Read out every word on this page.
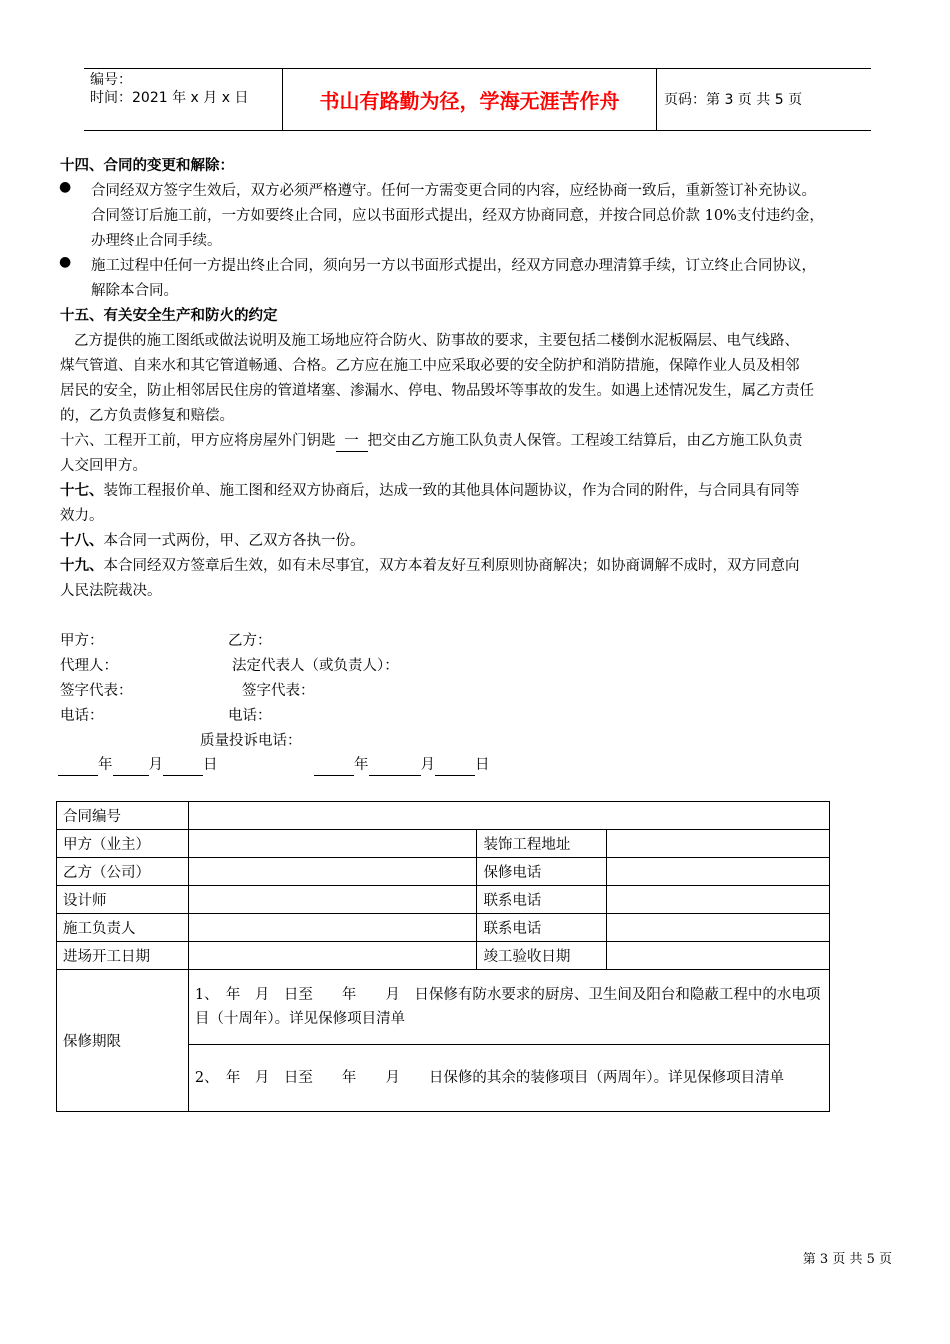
编号：
时间：2021 年 x 月 x 日	书山有路勤为径，学海无涯苦作舟	页码：第 3 页 共 5 页
十四、合同的变更和解除：
● 合同经双方签字生效后，双方必须严格遵守。任何一方需变更合同的内容，应经协商一致后，重新签订补充协议。
合同签订后施工前，一方如要终止合同，应以书面形式提出，经双方协商同意，并按合同总价款 10%支付违约金，
办理终止合同手续。
● 施工过程中任何一方提出终止合同，须向另一方以书面形式提出，经双方同意办理清算手续，订立终止合同协议，
解除本合同。
十五、有关安全生产和防火的约定
乙方提供的施工图纸或做法说明及施工场地应符合防火、防事故的要求，主要包括二楼倒水泥板隔层、电气线路、
煤气管道、自来水和其它管道畅通、合格。乙方应在施工中应采取必要的安全防护和消防措施，保障作业人员及相邻
居民的安全，防止相邻居民住房的管道堵塞、渗漏水、停电、物品毁坏等事故的发生。如遇上述情况发生，属乙方责任
的，乙方负责修复和赔偿。
十六、工程开工前，甲方应将房屋外门钥匙 一 把交由乙方施工队负责人保管。工程竣工结算后，由乙方施工队负责
人交回甲方。
十七、装饰工程报价单、施工图和经双方协商后，达成一致的其他具体问题协议，作为合同的附件，与合同具有同等
效力。
十八、本合同一式两份，甲、乙双方各执一份。
十九、本合同经双方签章后生效，如有未尽事宜，双方本着友好互利原则协商解决；如协商调解不成时，双方同意向
人民法院裁决。
甲方：	乙方：
代理人：	法定代表人（或负责人）：
签字代表：	签字代表：
电话：	电话：
质量投诉电话：
年 月	日	年	月	日
合同编号			
甲方（业主）		装饰工程地址	
乙方（公司）		保修电话	
设计师		联系电话	
施工负责人		联系电话	
进场开工日期		竣工验收日期	
保修期限	1、　年　月　日至　　年　　月　日保修有防水要求的厨房、卫生间及阳台和隐蔽工程中的水电项目（十周年）。详见保修项目清单		
	2、　年　月　日至　　年　　月　　日保修的其余的装修项目（两周年）。详见保修项目清单		
第 3 页 共 5 页
